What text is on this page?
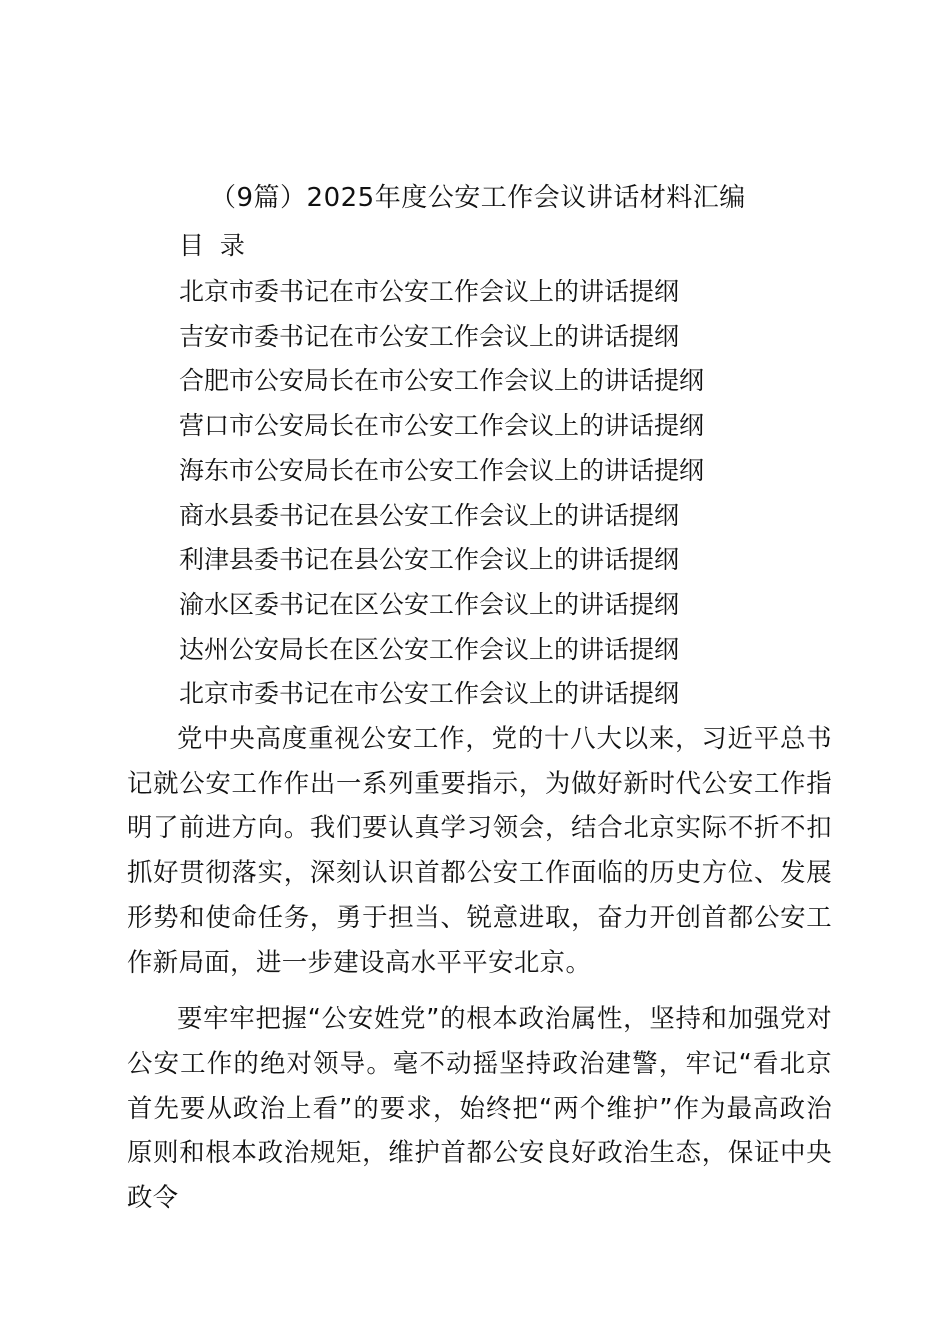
（9篇）2025年度公安工作会议讲话材料汇编
目  录
北京市委书记在市公安工作会议上的讲话提纲
吉安市委书记在市公安工作会议上的讲话提纲
合肥市公安局长在市公安工作会议上的讲话提纲
营口市公安局长在市公安工作会议上的讲话提纲
海东市公安局长在市公安工作会议上的讲话提纲
商水县委书记在县公安工作会议上的讲话提纲
利津县委书记在县公安工作会议上的讲话提纲
渝水区委书记在区公安工作会议上的讲话提纲
达州公安局长在区公安工作会议上的讲话提纲
北京市委书记在市公安工作会议上的讲话提纲

党中央高度重视公安工作，党的十八大以来，习近平总书记就公安工作作出一系列重要指示，为做好新时代公安工作指明了前进方向。我们要认真学习领会，结合北京实际不折不扣抓好贯彻落实，深刻认识首都公安工作面临的历史方位、发展形势和使命任务，勇于担当、锐意进取，奋力开创首都公安工作新局面，进一步建设高水平平安北京。

要牢牢把握“公安姓党”的根本政治属性，坚持和加强党对公安工作的绝对领导。毫不动摇坚持政治建警，牢记“看北京首先要从政治上看”的要求，始终把“两个维护”作为最高政治原则和根本政治规矩，维护首都公安良好政治生态，保证中央政令
